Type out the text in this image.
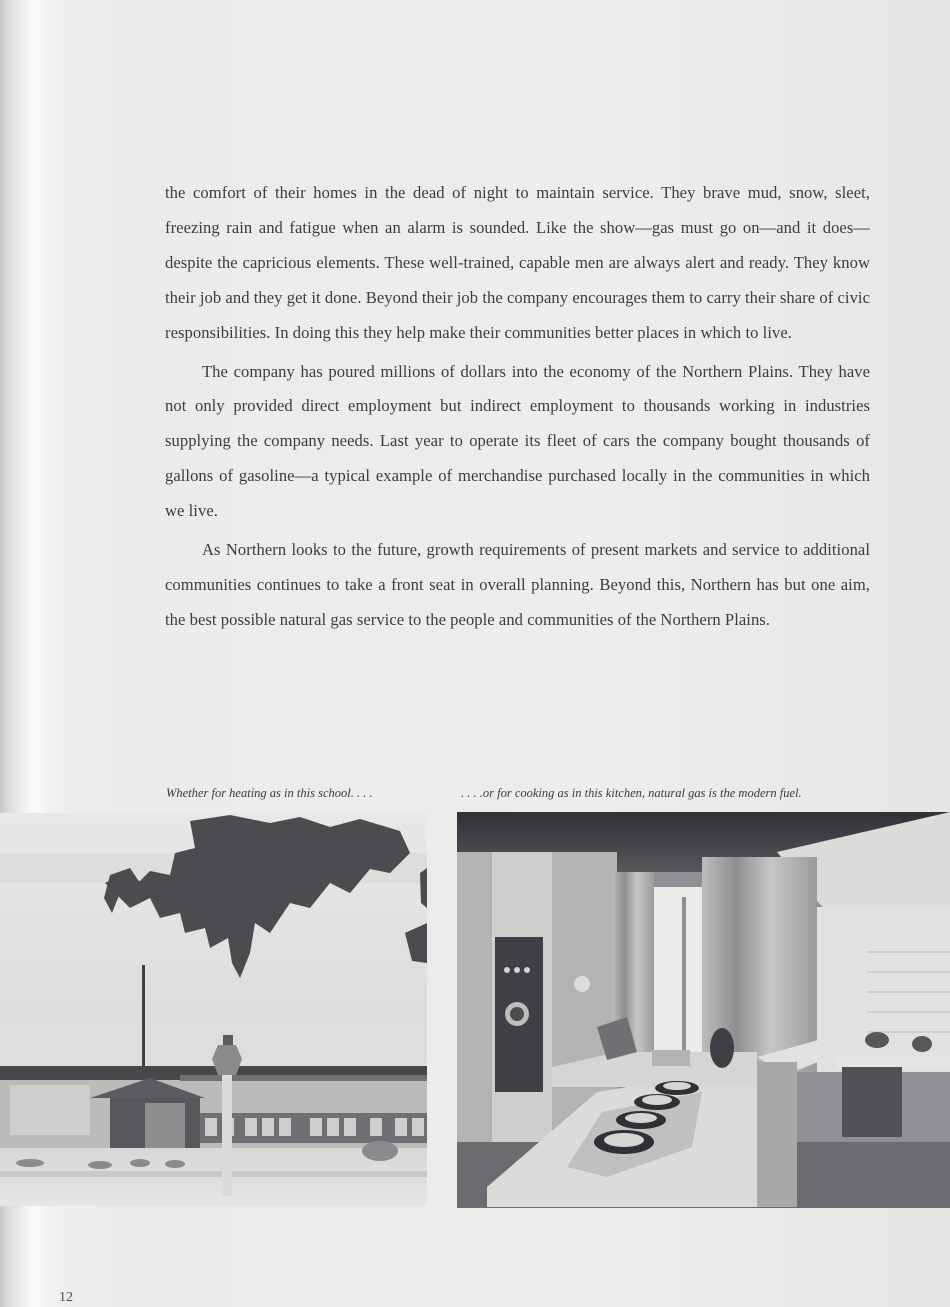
the comfort of their homes in the dead of night to maintain service. They brave mud, snow, sleet, freezing rain and fatigue when an alarm is sounded. Like the show—gas must go on—and it does—despite the capricious elements. These well-trained, capable men are always alert and ready. They know their job and they get it done. Beyond their job the company encourages them to carry their share of civic responsibilities. In doing this they help make their communities better places in which to live.

The company has poured millions of dollars into the economy of the Northern Plains. They have not only provided direct employment but indirect employment to thousands working in industries supplying the company needs. Last year to operate its fleet of cars the company bought thousands of gallons of gasoline—a typical example of merchandise purchased locally in the communities in which we live.

As Northern looks to the future, growth requirements of present markets and service to additional communities continues to take a front seat in overall planning. Beyond this, Northern has but one aim, the best possible natural gas service to the people and communities of the Northern Plains.

Whether for heating as in this school. . . .	. . . .or for cooking as in this kitchen, natural gas is the modern fuel.
12
